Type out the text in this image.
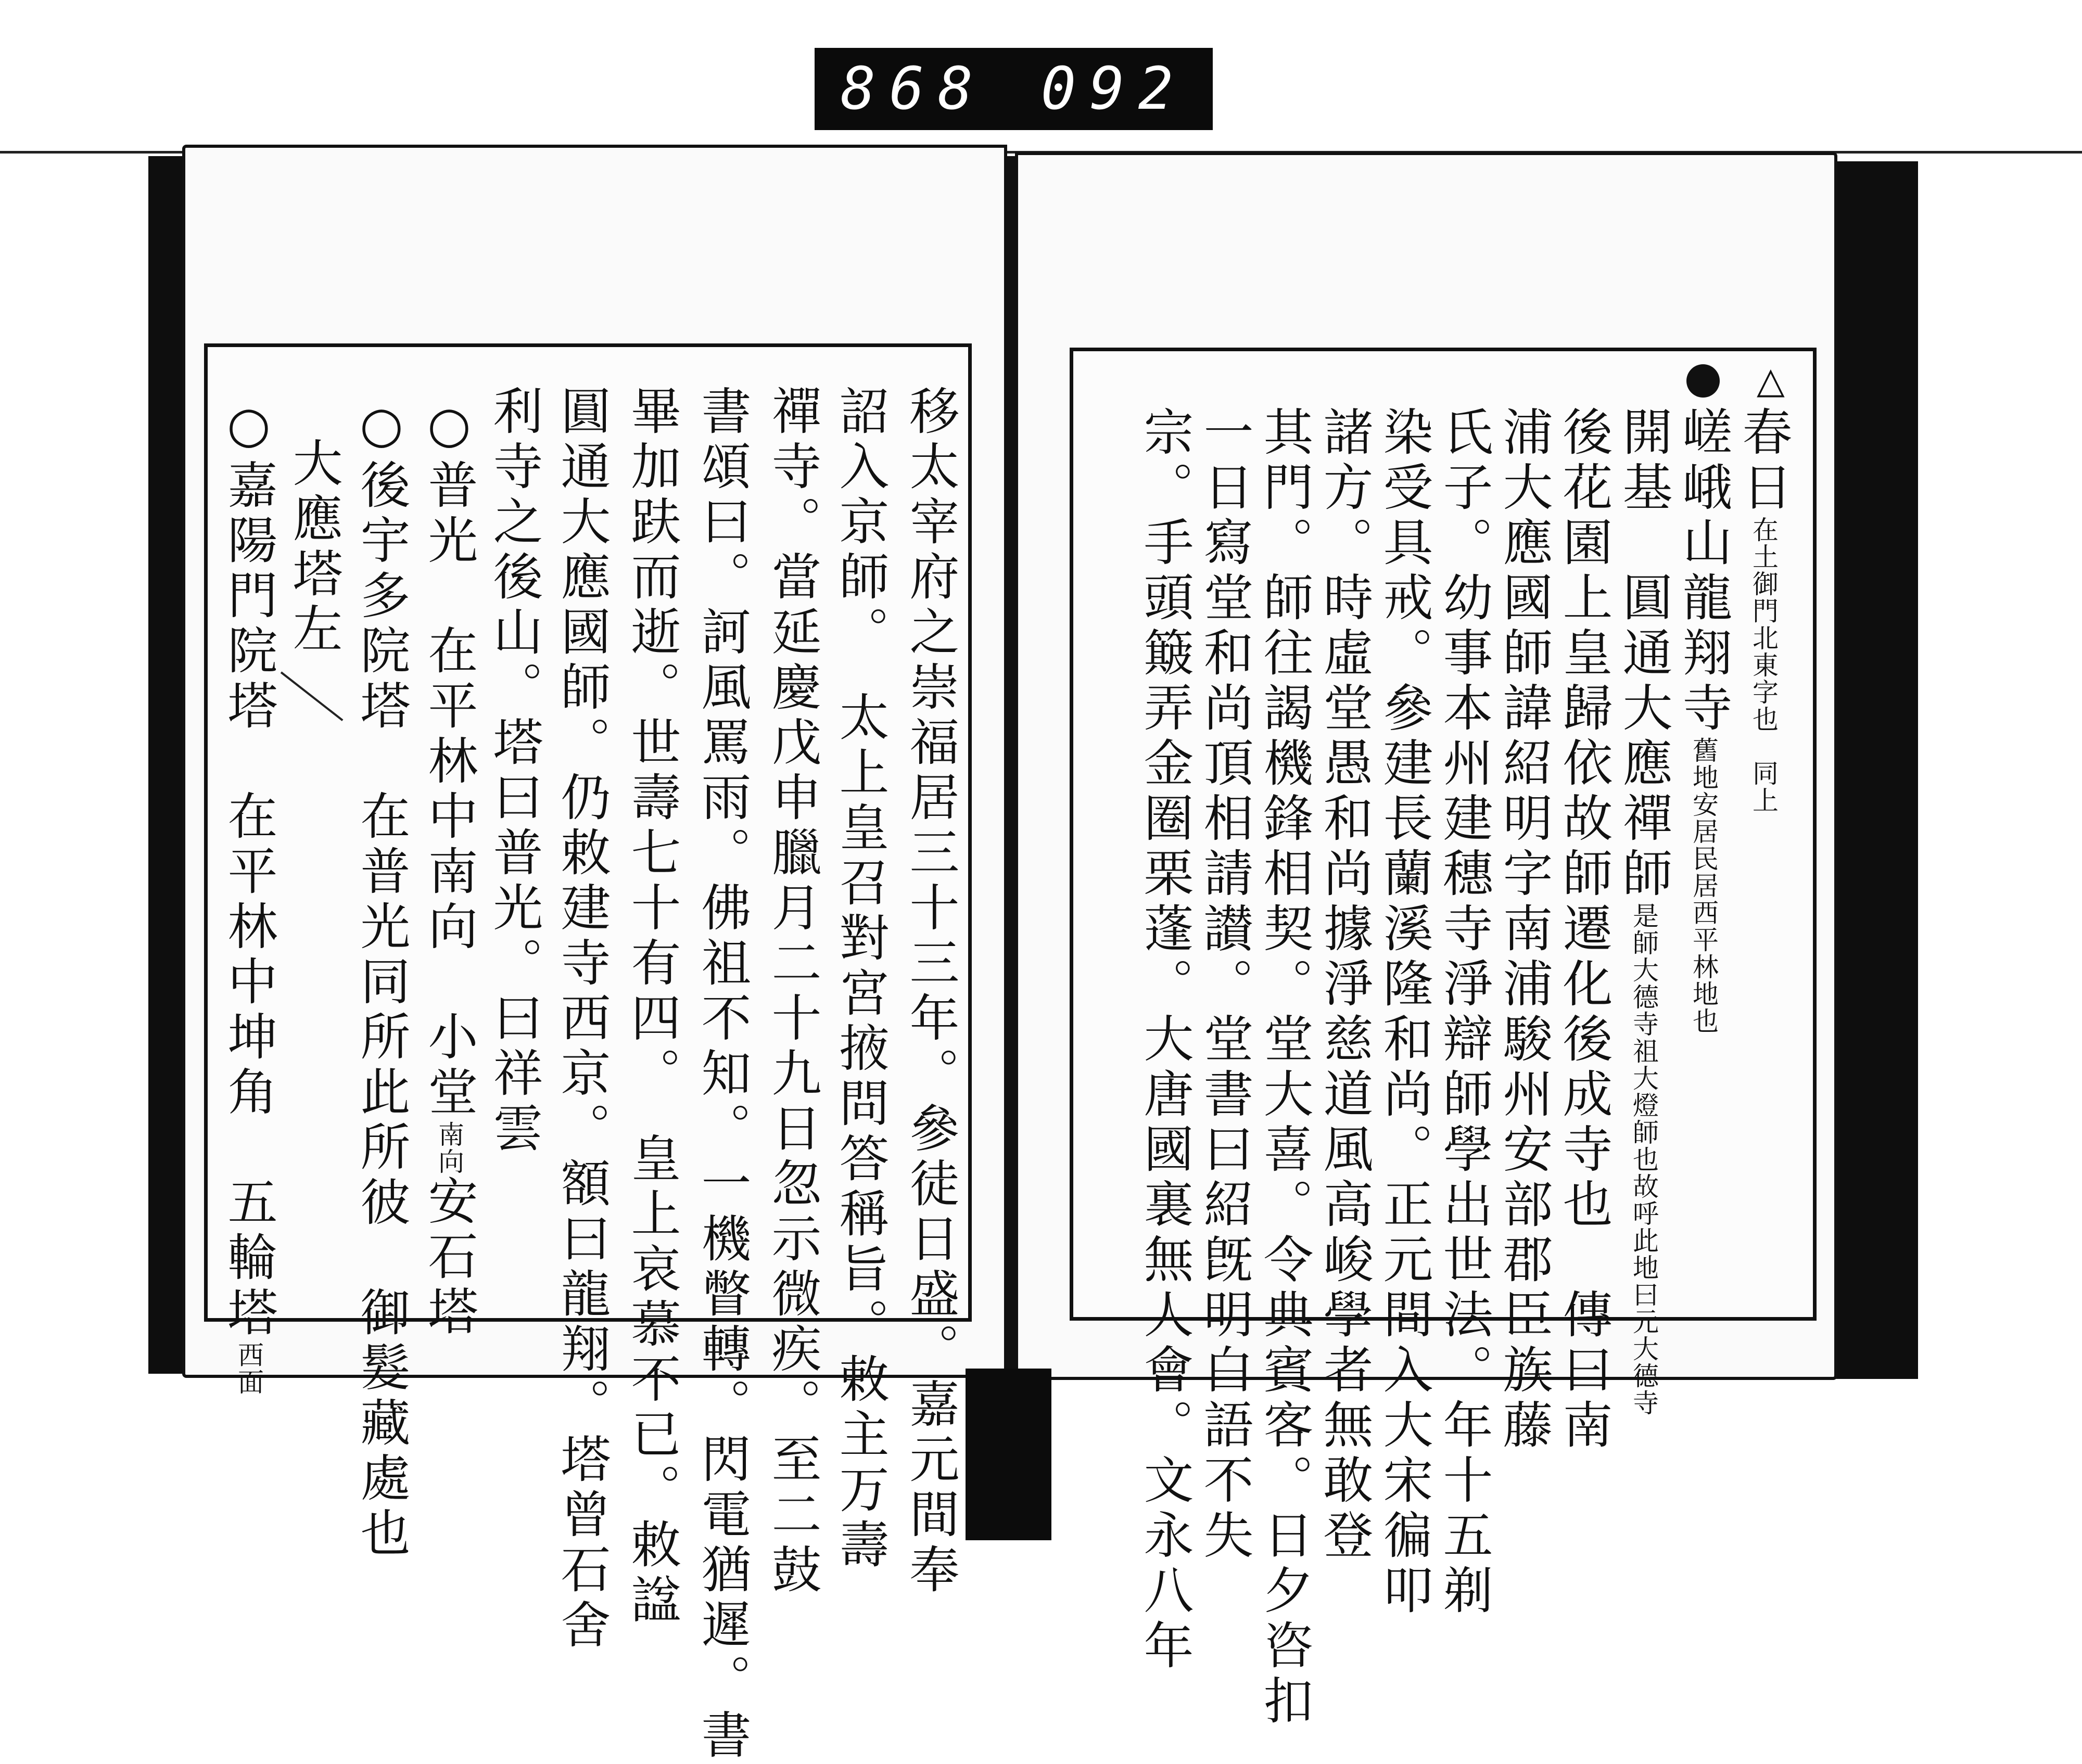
868 092
△
春日在土御門北東字也　同上
嵯峨山龍翔寺舊地安居民居西平林地也
開基　圓通大應禪師是師大德寺祖大燈師也故呼此地曰元大德寺
後花園上皇歸依故師遷化後成寺也　傳曰南
浦大應國師諱紹明字南浦駿州安部郡臣族藤
氏子。幼事本州建穗寺淨辯師學出世法。年十五剃
染受具戒。參建長蘭溪隆和尚。正元間入大宋徧叩
諸方。時虛堂愚和尚據淨慈道風高峻學者無敢登
其門。師往謁機鋒相契。堂大喜。令典賓客。日夕咨扣
一日寫堂和尚頂相請讃。堂書曰紹旣明白語不失
宗。手頭簸弄金圈栗蓬。大唐國裏無人會。文永八年
移太宰府之崇福居三十三年。參徒日盛。嘉元間奉
詔入京師。　太上皇召對宮掖問答稱旨。敕主万壽
禪寺。當延慶戊申臘月二十九日忽示微疾。至二鼓
書頌曰。訶風罵雨。佛祖不知。一機瞥轉。閃電猶遲。書
畢加趺而逝。世壽七十有四。　皇上哀慕不已。敕諡
圓通大應國師。仍敕建寺西京。額曰龍翔。塔曾石舍
利寺之後山。塔曰普光。曰祥雲
○普光　在平林中南向　小堂南向安石塔
○後宇多院塔　在普光同所此所彼　御髮藏處也
大應塔左
○嘉陽門院塔　在平林中坤角　五輪塔西面
